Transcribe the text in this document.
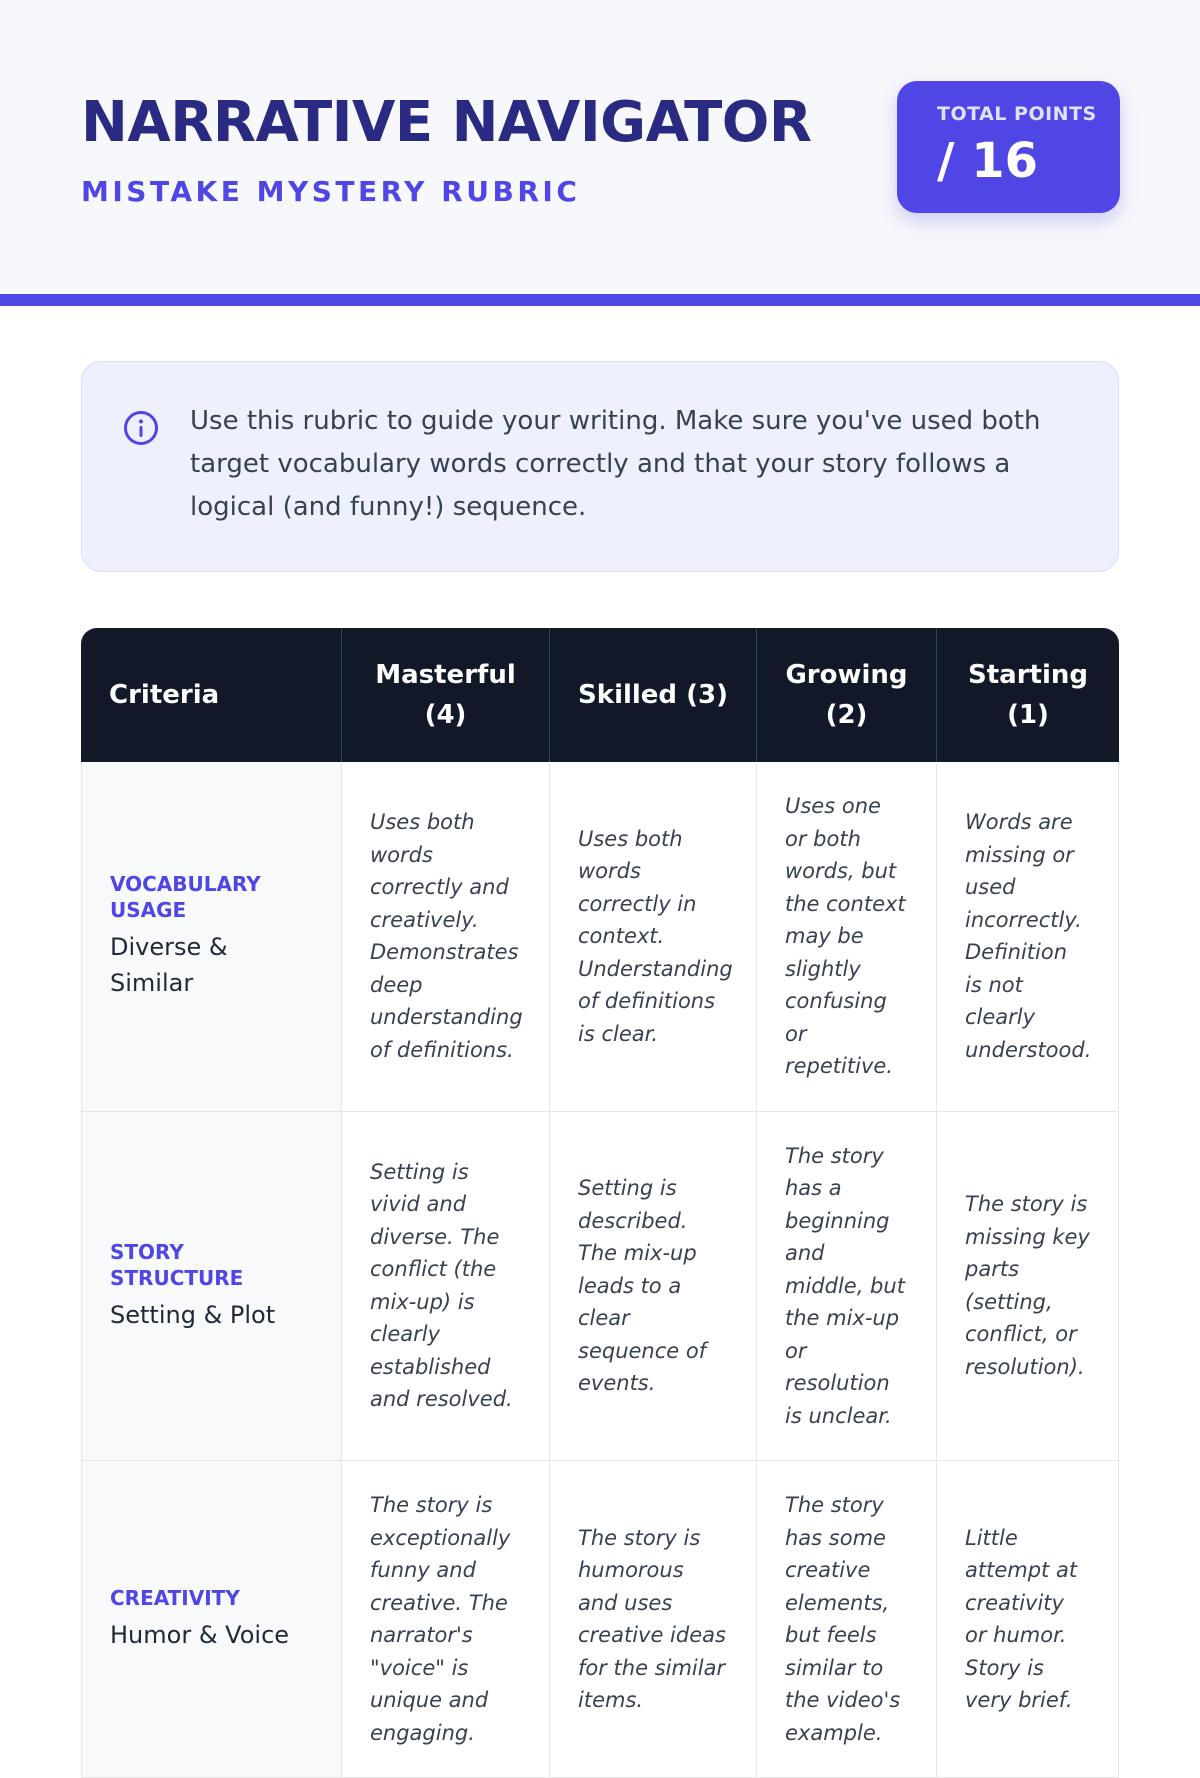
NARRATIVE NAVIGATOR
MISTAKE MYSTERY RUBRIC
TOTAL POINTS
/ 16
Use this rubric to guide your writing. Make sure you've used both target vocabulary words correctly and that your story follows a logical (and funny!) sequence.
Criteria	Masterful (4)	Skilled (3)	Growing (2)	Starting (1)

VOCABULARY USAGE
Diverse & Similar	Uses both words correctly and creatively. Demonstrates deep understanding of definitions.	Uses both words correctly in context. Understanding of definitions is clear.	Uses one or both words, but the context may be slightly confusing or repetitive.	Words are missing or used incorrectly. Definition is not clearly understood.

STORY STRUCTURE
Setting & Plot	Setting is vivid and diverse. The conflict (the mix-up) is clearly established and resolved.	Setting is described. The mix-up leads to a clear sequence of events.	The story has a beginning and middle, but the mix-up or resolution is unclear.	The story is missing key parts (setting, conflict, or resolution).

CREATIVITY
Humor & Voice	The story is exceptionally funny and creative. The narrator's "voice" is unique and engaging.	The story is humorous and uses creative ideas for the similar items.	The story has some creative elements, but feels similar to the video's example.	Little attempt at creativity or humor. Story is very brief.
